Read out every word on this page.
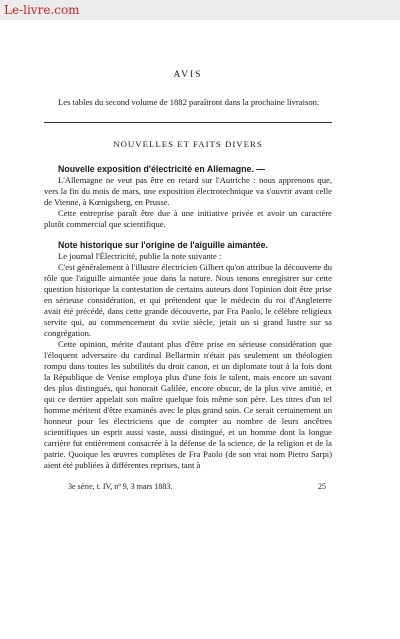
Le-livre.com
AVIS

Les tables du second volume de 1882 paraîtront dans la prochaine livraison.

NOUVELLES ET FAITS DIVERS

Nouvelle exposition d'électricité en Allemagne. —

L'Allemagne ne veut pas être en retard sur l'Autriche : nous apprenons que, vers la fin du mois de mars, une exposition électrotechnique va s'ouvrir avant celle de Vienne, à Kœnigsberg, en Prusse.

Cette entreprise paraît être due à une initiative privée et avoir un caractère plutôt commercial que scientifique.

Note historique sur l'origine de l'aiguille aimantée.

Le journal l'Électricité, publie la note suivante :

C'est généralement à l'illustre électricien Gilbert qu'on attribue la découverte du rôle que l'aiguille aimantée joue dans la nature. Nous tenons enregistrer sur cette question historique la contestation de certains auteurs dont l'opinion doit être prise en sérieuse considération, et qui prétendent que le médecin du roi d'Angleterre avait été précédé, dans cette grande découverte, par Fra Paolo, le célèbre religieux servite qui, au commencement du xviie siècle, jetait un si grand lustre sur sa congrégation.

Cette opinion, mérite d'autant plus d'être prise en sérieuse considération que l'éloquent adversaire du cardinal Bellarmin n'était pas seulement un théologien rompu dans toutes les subtilités du droit canon, et un diplomate tout à la fois dont la République de Venise employa plus d'une fois le talent, mais encore un savant des plus distingués, qui honorait Galilée, encore obscur, de la plus vive amitié, et qui ce dernier appelait son maître quelque fois même son père. Les titres d'un tel homme méritent d'être examinés avec le plus grand soin. Ce serait certainement un honneur pour les électriciens que de compter au nombre de leurs ancêtres scientifiques un esprit aussi vaste, aussi distingué, et un homme dont la longue carrière fut entièrement consacrée à la défense de la science, de la religion et de la patrie. Quoique les œuvres complètes de Fra Paolo (de son vrai nom Pietro Sarpi) aient été publiées à différentes reprises, tant à

3e série, t. IV, nº 9, 3 mars 1883.	25
